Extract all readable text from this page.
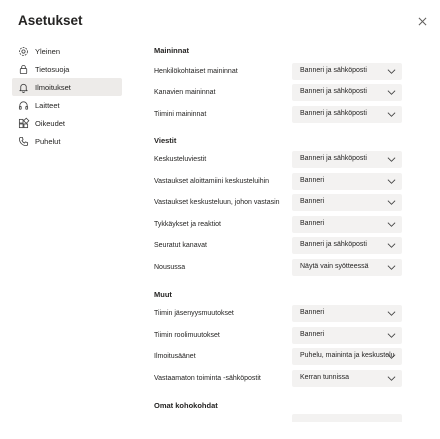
Asetukset
Yleinen
Tietosuoja
Ilmoitukset
Laitteet
Oikeudet
Puhelut
Maininnat
Henkilökohtaiset maininnat	Banneri ja sähköposti
Kanavien maininnat	Banneri ja sähköposti
Tiimini maininnat	Banneri ja sähköposti
Viestit
Keskusteluviestit	Banneri ja sähköposti
Vastaukset aloittamiini keskusteluihin	Banneri
Vastaukset keskusteluun, johon vastasin	Banneri
Tykkäykset ja reaktiot	Banneri
Seuratut kanavat	Banneri ja sähköposti
Nousussa	Näytä vain syötteessä
Muut
Tiimin jäsenyysmuutokset	Banneri
Tiimin roolimuutokset	Banneri
Ilmoitusäänet	Puhelu, maininta ja keskustelu
Vastaamaton toiminta -sähköpostit	Kerran tunnissa
Omat kohokohdat
